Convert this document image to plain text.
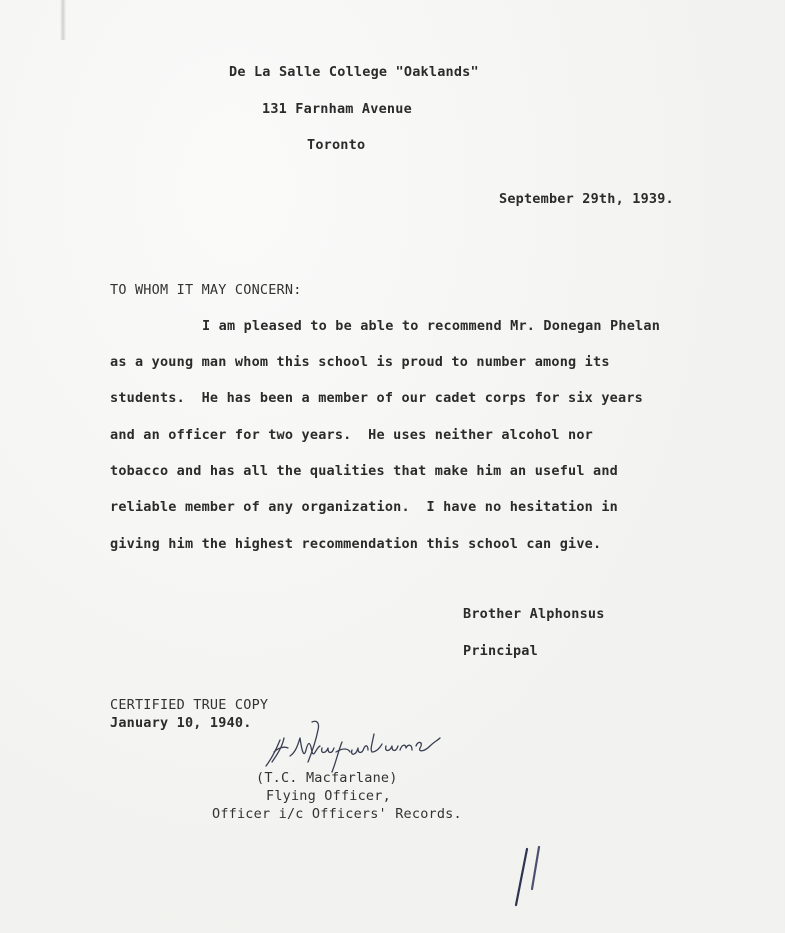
De La Salle College "Oaklands"
131 Farnham Avenue
Toronto
September 29th, 1939.
TO WHOM IT MAY CONCERN:
I am pleased to be able to recommend Mr. Donegan Phelan
as a young man whom this school is proud to number among its
students.  He has been a member of our cadet corps for six years
and an officer for two years.  He uses neither alcohol nor
tobacco and has all the qualities that make him an useful and
reliable member of any organization.  I have no hesitation in
giving him the highest recommendation this school can give.
Brother Alphonsus
Principal
CERTIFIED TRUE COPY
January 10, 1940.
(T.C. Macfarlane)
Flying Officer,
Officer i/c Officers' Records.
